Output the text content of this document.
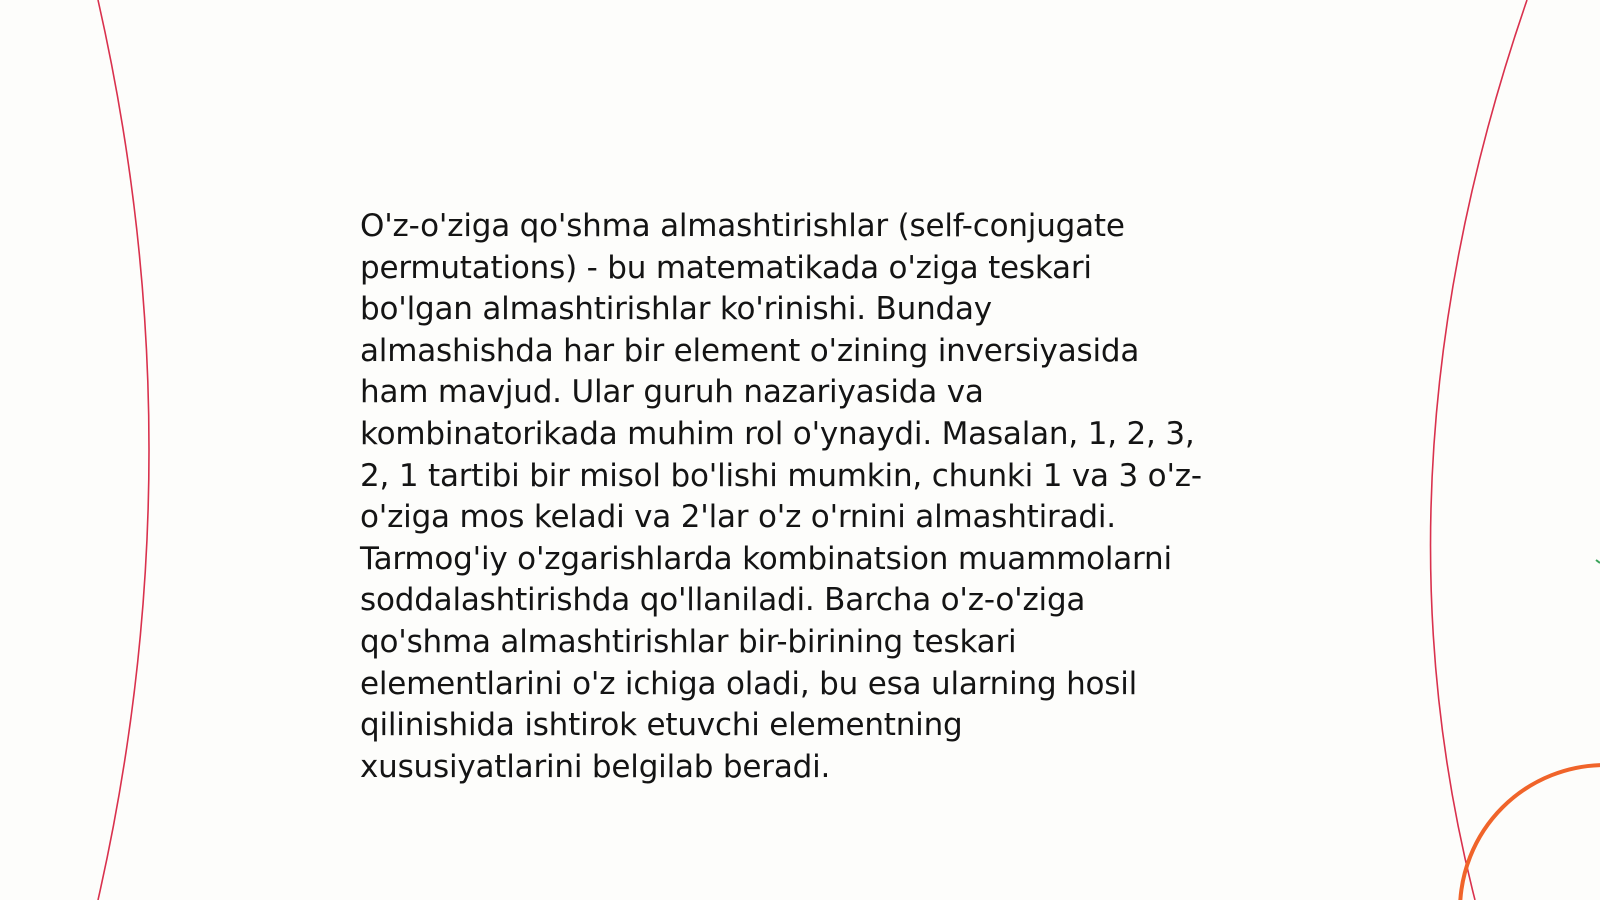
O'z-o'ziga qo'shma almashtirishlar (self-conjugate
permutations) - bu matematikada o'ziga teskari
bo'lgan almashtirishlar ko'rinishi. Bunday
almashishda har bir element o'zining inversiyasida
ham mavjud. Ular guruh nazariyasida va
kombinatorikada muhim rol o'ynaydi. Masalan, 1, 2, 3,
2, 1 tartibi bir misol bo'lishi mumkin, chunki 1 va 3 o'z-
o'ziga mos keladi va 2'lar o'z o'rnini almashtiradi.
Tarmog'iy o'zgarishlarda kombinatsion muammolarni
soddalashtirishda qo'llaniladi. Barcha o'z-o'ziga
qo'shma almashtirishlar bir-birining teskari
elementlarini o'z ichiga oladi, bu esa ularning hosil
qilinishida ishtirok etuvchi elementning
xususiyatlarini belgilab beradi.
